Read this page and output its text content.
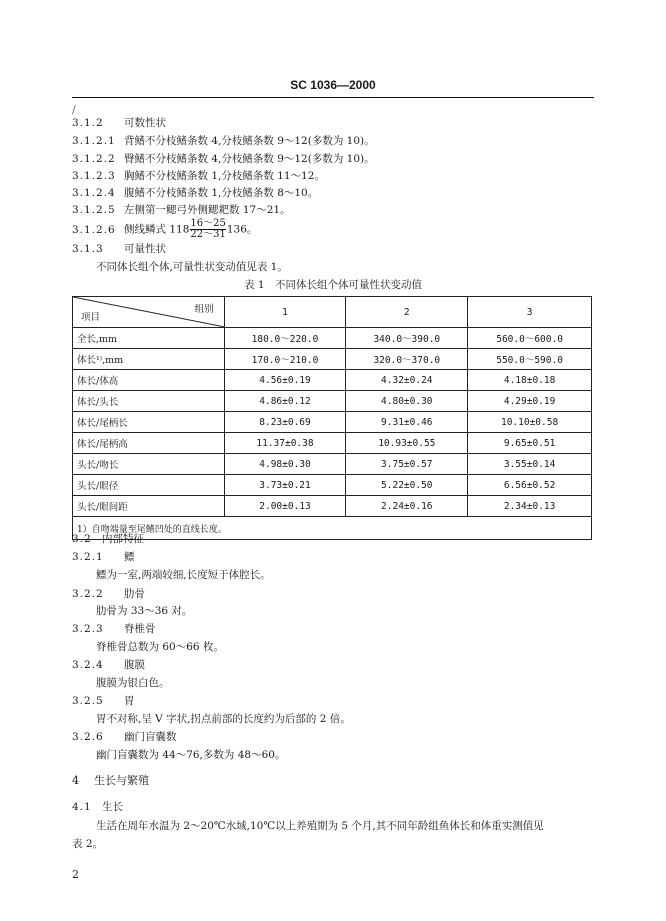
SC 1036—2000
/
3.1.2 可数性状
3.1.2.1 背鳍不分枝鳍条数 4,分枝鳍条数 9～12(多数为 10)。
3.1.2.2 臀鳍不分枝鳍条数 4,分枝鳍条数 9～12(多数为 10)。
3.1.2.3 胸鳍不分枝鳍条数 1,分枝鳍条数 11～12。
3.1.2.4 腹鳍不分枝鳍条数 1,分枝鳍条数 8～10。
3.1.2.5 左侧第一鳃弓外侧鳃耙数 17～21。
3.1.2.6 侧线鳞式 $118 \frac{16\sim 25}{22\sim 31} 136$。
3.1.3 可量性状
不同体长组个体,可量性状变动值见表 1。
表 1　不同体长组个体可量性状变动值
组别
项目	1	2	3
全长,mm	180.0～220.0	340.0～390.0	560.0～600.0
体长¹⁾,mm	170.0～210.0	320.0～370.0	550.0～590.0
体长/体高	4.56±0.19	4.32±0.24	4.18±0.18
体长/头长	4.86±0.12	4.80±0.30	4.29±0.19
体长/尾柄长	8.23±0.69	9.31±0.46	10.10±0.58
体长/尾柄高	11.37±0.38	10.93±0.55	9.65±0.51
头长/吻长	4.98±0.30	3.75±0.57	3.55±0.14
头长/眼径	3.73±0.21	5.22±0.50	6.56±0.52
头长/眼间距	2.00±0.13	2.24±0.16	2.34±0.13
1）自吻端量至尾鳍凹处的直线长度。			
3.2 内部特征
3.2.1 鳔
鳔为一室,两端较细,长度短于体腔长。
3.2.2 肋骨
肋骨为 33～36 对。
3.2.3 脊椎骨
脊椎骨总数为 60～66 枚。
3.2.4 腹膜
腹膜为银白色。
3.2.5 胃
胃不对称,呈 V 字状,拐点前部的长度约为后部的 2 倍。
3.2.6 幽门盲囊数
幽门盲囊数为 44～76,多数为 48～60。
4 生长与繁殖
4.1 生长
生活在周年水温为 2～20℃水域,10℃以上养殖期为 5 个月,其不同年龄组鱼体长和体重实测值见
表 2。
2
